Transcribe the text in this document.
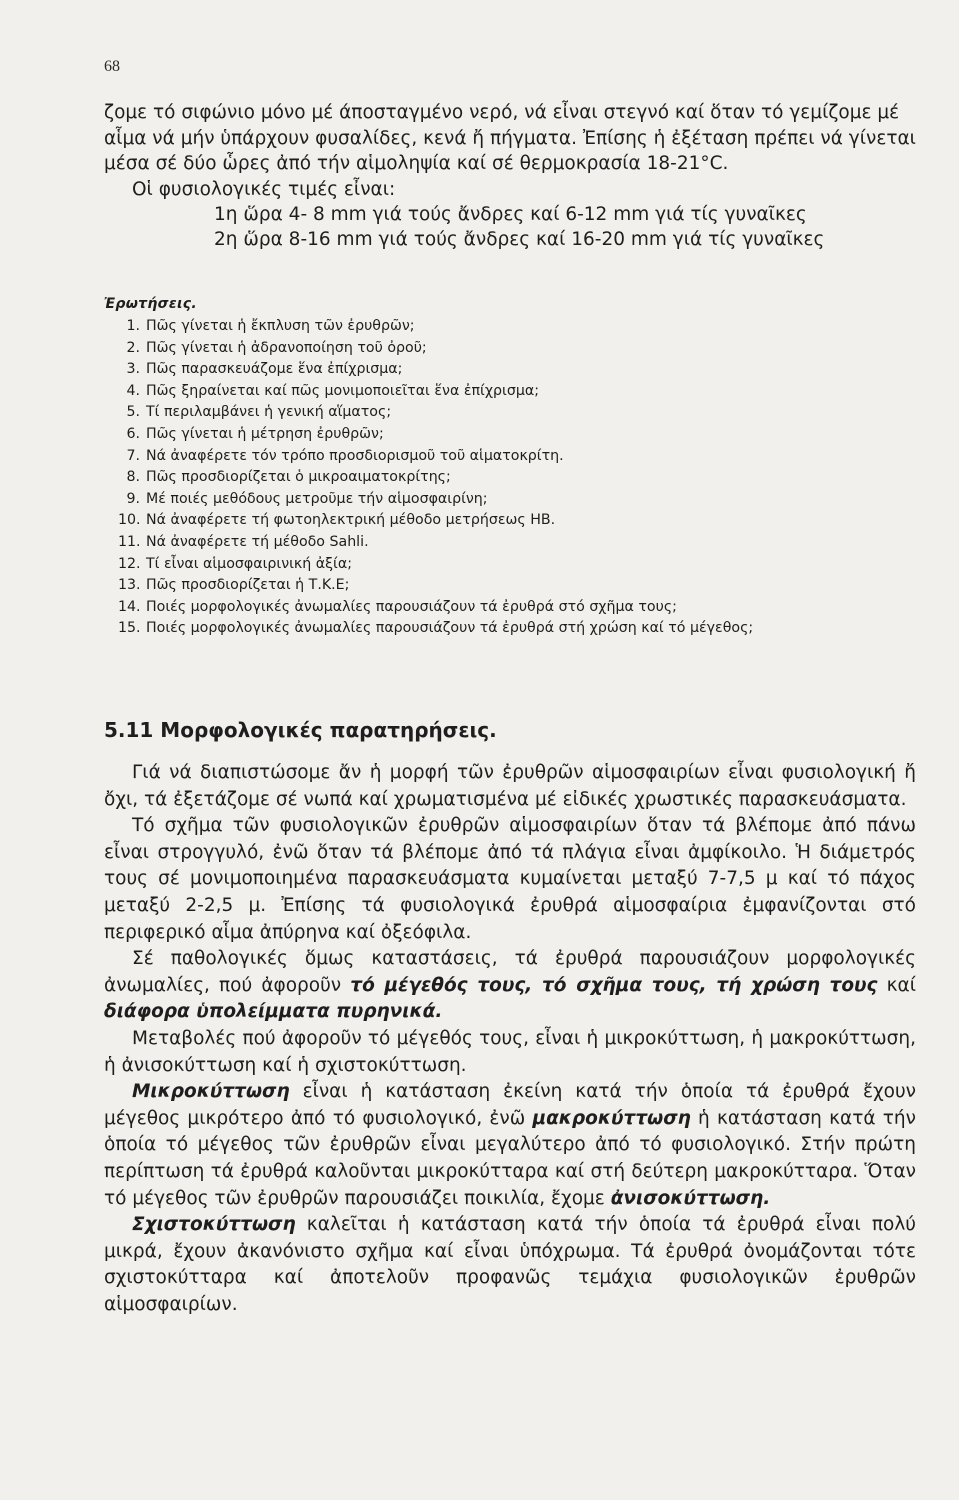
68

ζομε τό σιφώνιο μόνο μέ άποσταγμένο νερό, νά εἶναι στεγνό καί ὅταν τό γεμίζομε μέ αἷμα νά μήν ὑπάρχουν φυσαλίδες, κενά ἤ πήγματα. Ἐπίσης ἡ ἐξέταση πρέπει νά γίνεται μέσα σέ δύο ὧρες ἀπό τήν αἱμοληψία καί σέ θερμοκρασία 18-21°C.

Οἱ φυσιολογικές τιμές εἶναι:

1η ὥρα 4- 8 mm γιά τούς ἄνδρες καί 6-12 mm γιά τίς γυναῖκες
2η ὥρα 8-16 mm γιά τούς ἄνδρες καί 16-20 mm γιά τίς γυναῖκες
Ἐρωτήσεις.
1. Πῶς γίνεται ἡ ἔκπλυση τῶν ἐρυθρῶν;
2. Πῶς γίνεται ἡ ἀδρανοποίηση τοῦ ὀροῦ;
3. Πῶς παρασκευάζομε ἕνα ἐπίχρισμα;
4. Πῶς ξηραίνεται καί πῶς μονιμοποιεῖται ἕνα ἐπίχρισμα;
5. Τί περιλαμβάνει ἡ γενική αἵματος;
6. Πῶς γίνεται ἡ μέτρηση ἐρυθρῶν;
7. Νά ἀναφέρετε τόν τρόπο προσδιορισμοῦ τοῦ αἱματοκρίτη.
8. Πῶς προσδιορίζεται ὁ μικροαιματοκρίτης;
9. Μέ ποιές μεθόδους μετροῦμε τήν αἱμοσφαιρίνη;
10. Νά ἀναφέρετε τή φωτοηλεκτρική μέθοδο μετρήσεως HB.
11. Νά ἀναφέρετε τή μέθοδο Sahli.
12. Τί εἶναι αἱμοσφαιρινική ἀξία;
13. Πῶς προσδιορίζεται ἡ Τ.Κ.Ε;
14. Ποιές μορφολογικές ἀνωμαλίες παρουσιάζουν τά ἐρυθρά στό σχῆμα τους;
15. Ποιές μορφολογικές ἀνωμαλίες παρουσιάζουν τά ἐρυθρά στή χρώση καί τό μέγεθος;
5.11 Μορφολογικές παρατηρήσεις.

Γιά νά διαπιστώσομε ἄν ἡ μορφή τῶν ἐρυθρῶν αἱμοσφαιρίων εἶναι φυσιολογική ἤ ὄχι, τά ἐξετάζομε σέ νωπά καί χρωματισμένα μέ εἰδικές χρωστικές παρασκευάσματα.

Τό σχῆμα τῶν φυσιολογικῶν ἐρυθρῶν αἱμοσφαιρίων ὅταν τά βλέπομε ἀπό πάνω εἶναι στρογγυλό, ἐνῶ ὅταν τά βλέπομε ἀπό τά πλάγια εἶναι ἀμφίκοιλο. Ἡ διάμετρός τους σέ μονιμοποιημένα παρασκευάσματα κυμαίνεται μεταξύ 7-7,5 μ καί τό πάχος μεταξύ 2-2,5 μ. Ἐπίσης τά φυσιολογικά ἐρυθρά αἱμοσφαίρια ἐμφανίζονται στό περιφερικό αἷμα ἀπύρηνα καί ὀξεόφιλα.

Σέ παθολογικές ὅμως καταστάσεις, τά ἐρυθρά παρουσιάζουν μορφολογικές ἀνωμαλίες, πού ἀφοροῦν τό μέγεθός τους, τό σχῆμα τους, τή χρώση τους καί διάφορα ὑπολείμματα πυρηνικά.

Μεταβολές πού ἀφοροῦν τό μέγεθός τους, εἶναι ἡ μικροκύττωση, ἡ μακροκύττωση, ἡ ἀνισοκύττωση καί ἡ σχιστοκύττωση.

Μικροκύττωση εἶναι ἡ κατάσταση ἐκείνη κατά τήν ὁποία τά ἐρυθρά ἔχουν μέγεθος μικρότερο ἀπό τό φυσιολογικό, ἐνῶ μακροκύττωση ἡ κατάσταση κατά τήν ὁποία τό μέγεθος τῶν ἐρυθρῶν εἶναι μεγαλύτερο ἀπό τό φυσιολογικό. Στήν πρώτη περίπτωση τά ἐρυθρά καλοῦνται μικροκύτταρα καί στή δεύτερη μακροκύτταρα. Ὅταν τό μέγεθος τῶν ἐρυθρῶν παρουσιάζει ποικιλία, ἔχομε ἀνισοκύττωση.

Σχιστοκύττωση καλεῖται ἡ κατάσταση κατά τήν ὁποία τά ἐρυθρά εἶναι πολύ μικρά, ἔχουν ἀκανόνιστο σχῆμα καί εἶναι ὑπόχρωμα. Τά ἐρυθρά ὀνομάζονται τότε σχιστοκύτταρα καί ἀποτελοῦν προφανῶς τεμάχια φυσιολογικῶν ἐρυθρῶν αἱμοσφαιρίων.
